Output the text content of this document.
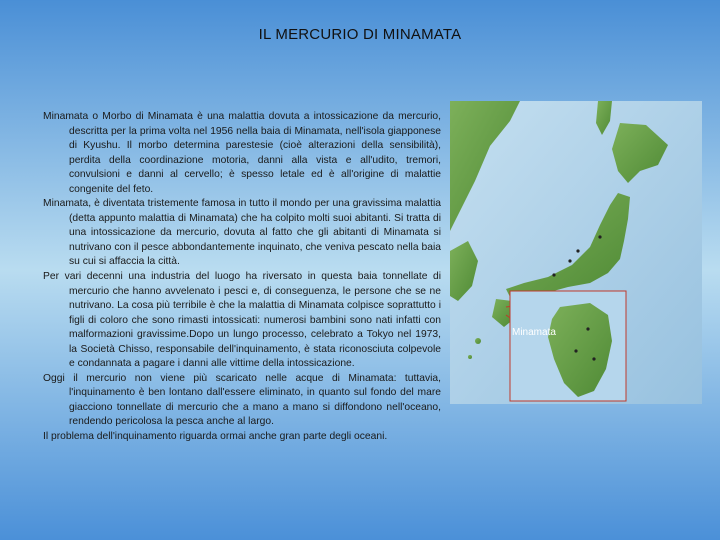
IL MERCURIO DI MINAMATA

Minamata o Morbo di Minamata è una malattia dovuta a intossicazione da mercurio, descritta per la prima volta nel 1956 nella baia di Minamata, nell'isola giapponese di Kyushu. Il morbo determina parestesie (cioè alterazioni della sensibilità), perdita della coordinazione motoria, danni alla vista e all'udito, tremori, convulsioni e danni al cervello; è spesso letale ed è all'origine di malattie congenite del feto.

Minamata, è diventata tristemente famosa in tutto il mondo per una gravissima malattia (detta appunto malattia di Minamata) che ha colpito molti suoi abitanti. Si tratta di una intossicazione da mercurio, dovuta al fatto che gli abitanti di Minamata si nutrivano con il pesce abbondantemente inquinato, che veniva pescato nella baia su cui si affaccia la città.

Per vari decenni una industria del luogo ha riversato in questa baia tonnellate di mercurio che hanno avvelenato i pesci e, di conseguenza, le persone che se ne nutrivano. La cosa più terribile è che la malattia di Minamata colpisce soprattutto i figli di coloro che sono rimasti intossicati: numerosi bambini sono nati infatti con malformazioni gravissime.Dopo un lungo processo, celebrato a Tokyo nel 1973, la Società Chisso, responsabile dell'inquinamento, è stata riconosciuta colpevole e condannata a pagare i danni alle vittime della intossicazione.

Oggi il mercurio non viene più scaricato nelle acque di Minamata: tuttavia, l'inquinamento è ben lontano dall'essere eliminato, in quanto sul fondo del mare giacciono tonnellate di mercurio che a mano a mano si diffondono nell'oceano, rendendo pericolosa la pesca anche al largo.

Il problema dell'inquinamento riguarda ormai anche gran parte degli oceani.

Minamata
